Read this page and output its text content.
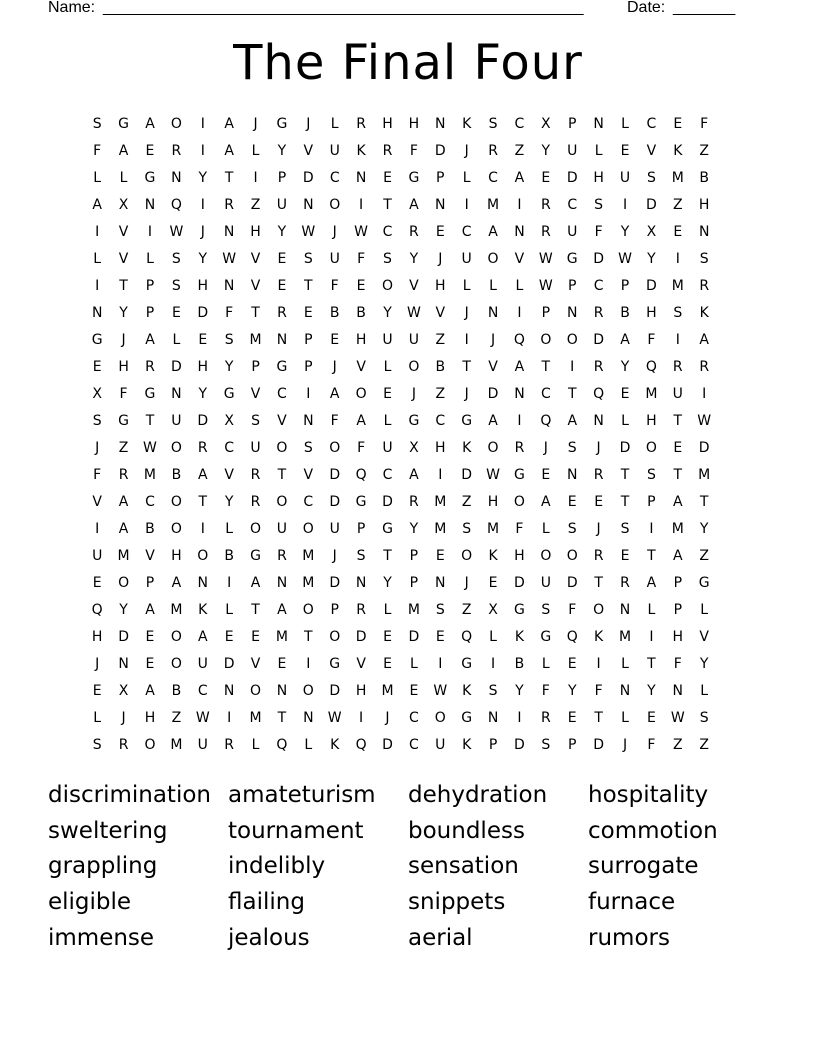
Name: ______________________________________________________	Date: _______
The Final Four
S	G	A	O	I	A	J	G	J	L	R	H	H	N	K	S	C	X	P	N	L	C	E	F
F	A	E	R	I	A	L	Y	V	U	K	R	F	D	J	R	Z	Y	U	L	E	V	K	Z
L	L	G	N	Y	T	I	P	D	C	N	E	G	P	L	C	A	E	D	H	U	S	M	B
A	X	N	Q	I	R	Z	U	N	O	I	T	A	N	I	M	I	R	C	S	I	D	Z	H
I	V	I	W	J	N	H	Y	W	J	W	C	R	E	C	A	N	R	U	F	Y	X	E	N
L	V	L	S	Y	W	V	E	S	U	F	S	Y	J	U	O	V	W	G	D	W	Y	I	S
I	T	P	S	H	N	V	E	T	F	E	O	V	H	L	L	L	W	P	C	P	D	M	R
N	Y	P	E	D	F	T	R	E	B	B	Y	W	V	J	N	I	P	N	R	B	H	S	K
G	J	A	L	E	S	M	N	P	E	H	U	U	Z	I	J	Q	O	O	D	A	F	I	A
E	H	R	D	H	Y	P	G	P	J	V	L	O	B	T	V	A	T	I	R	Y	Q	R	R
X	F	G	N	Y	G	V	C	I	A	O	E	J	Z	J	D	N	C	T	Q	E	M	U	I
S	G	T	U	D	X	S	V	N	F	A	L	G	C	G	A	I	Q	A	N	L	H	T	W
J	Z	W O	R	C	U	O	S	O	F	U	X	H	K	O	R	J	S	J	D	O	E	D
F	R	M	B	A	V	R	T	V	D	Q	C	A	I	D	W	G	E	N	R	T	S	T	M
V	A	C	O	T	Y	R	O	C	D	G	D	R	M	Z	H	O	A	E	E	T	P	A	T
I	A	B	O	I	L	O	U	O	U	P	G	Y	M	S	M	F	L	S	J	S	I	M	Y
U	M	V	H	O	B	G	R	M	J	S	T	P	E	O	K	H	O	O	R	E	T	A	Z
E	O	P	A	N	I	A	N	M	D	N	Y	P	N	J	E	D	U	D	T	R	A	P	G
Q	Y	A	M	K	L	T	A	O	P	R	L	M	S	Z	X	G	S	F	O	N	L	P	L
H	D	E	O	A	E	E	M	T	O	D	E	D	E	Q	L	K	G	Q	K	M	I	H	V
J	N	E	O	U	D	V	E	I	G	V	E	L	I	G	I	B	L	E	I	L	T	F	Y
E	X	A	B	C	N	O	N	O	D	H	M	E	W	K	S	Y	F	Y	F	N	Y	N	L
L	J	H	Z	W	I	M	T	N	W	I	J	C	O	G	N	I	R	E	T	L	E	W	S
S	R	O	M	U	R	L	Q	L	K	Q	D	C	U	K	P	D	S	P	D	J	F	Z	Z
discrimination amateturism	dehydration	hospitality
sweltering	tournament	boundless	commotion
grappling	indelibly	sensation	surrogate
eligible	flailing	snippets	furnace
immense	jealous	aerial	rumors
